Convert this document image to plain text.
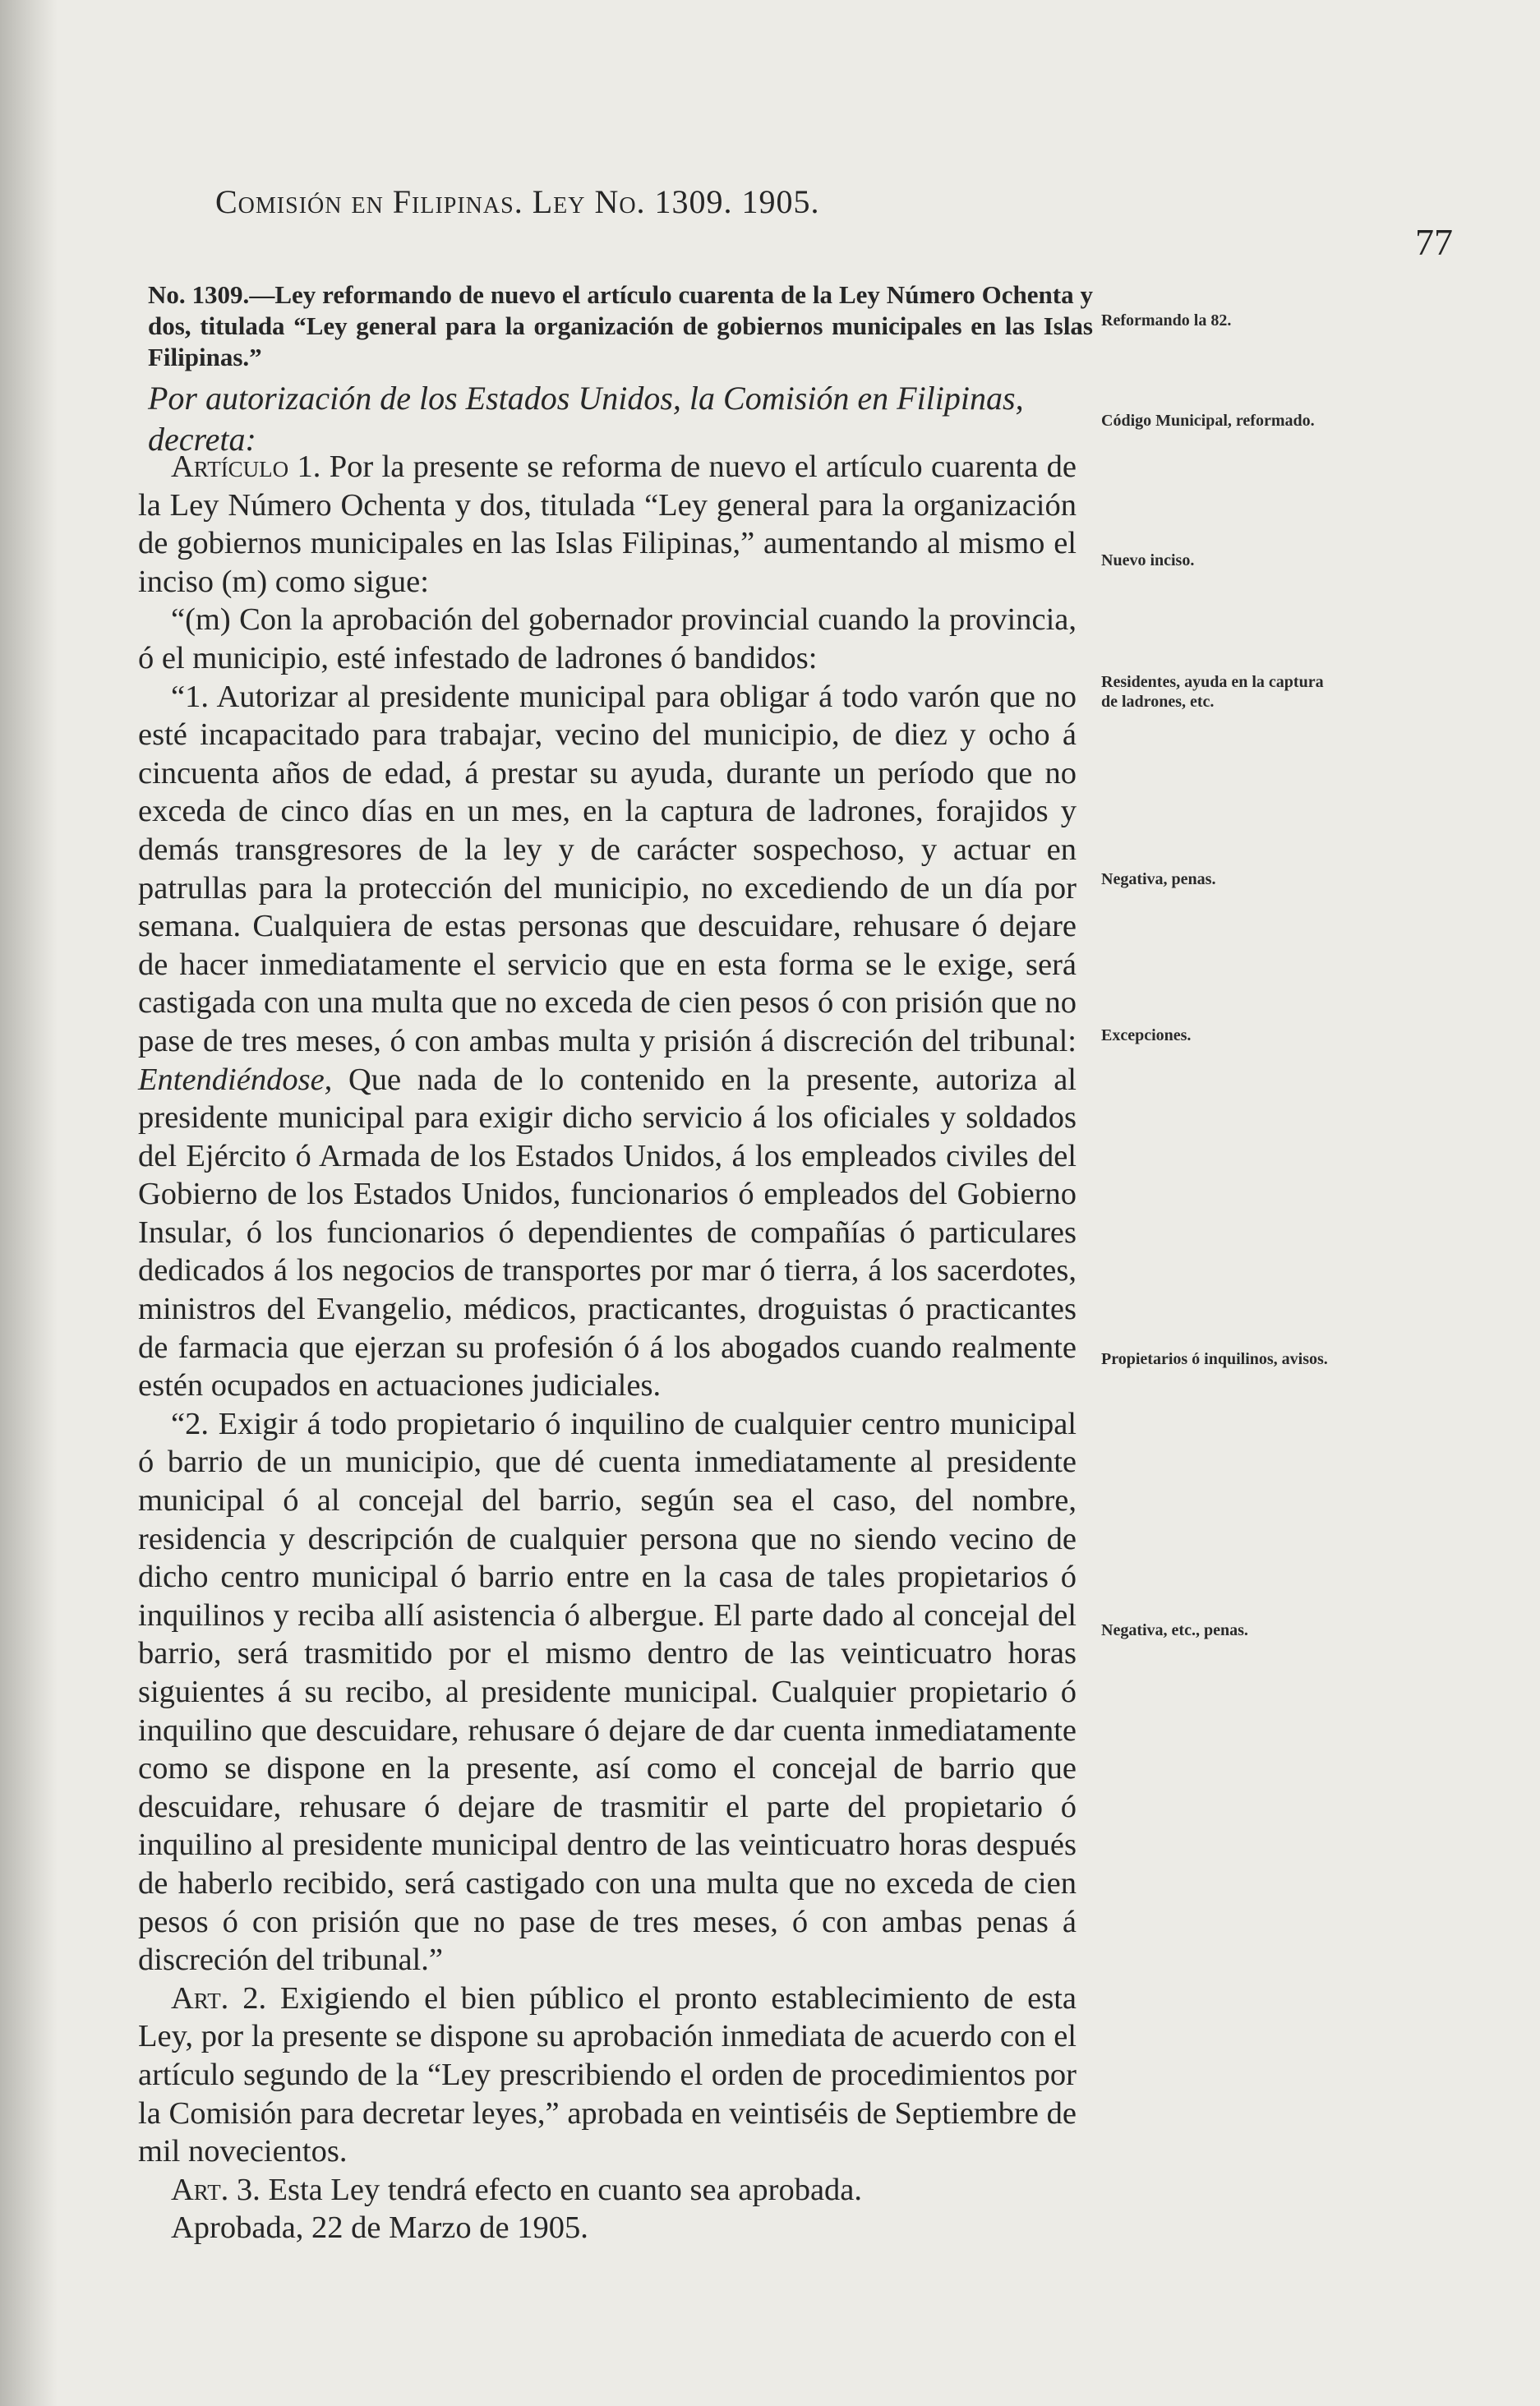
Comisión en Filipinas. Ley No. 1309. 1905.
77
No. 1309.—Ley reformando de nuevo el artículo cuarenta de la Ley Número Ochenta y dos, titulada “Ley general para la organización de gobiernos municipales en las Islas Filipinas.”
Por autorización de los Estados Unidos, la Comisión en Filipinas, decreta:

Artículo 1. Por la presente se reforma de nuevo el artículo cuarenta de la Ley Número Ochenta y dos, titulada “Ley general para la organización de gobiernos municipales en las Islas Filipinas,” aumentando al mismo el inciso (m) como sigue:

“(m) Con la aprobación del gobernador provincial cuando la provincia, ó el municipio, esté infestado de ladrones ó bandidos:

“1. Autorizar al presidente municipal para obligar á todo varón que no esté incapacitado para trabajar, vecino del municipio, de diez y ocho á cincuenta años de edad, á prestar su ayuda, durante un período que no exceda de cinco días en un mes, en la captura de ladrones, forajidos y demás transgresores de la ley y de carácter sospechoso, y actuar en patrullas para la protección del municipio, no excediendo de un día por semana. Cualquiera de estas personas que descuidare, rehusare ó dejare de hacer inmediatamente el servicio que en esta forma se le exige, será castigada con una multa que no exceda de cien pesos ó con prisión que no pase de tres meses, ó con ambas multa y prisión á discreción del tribunal: Entendiéndose, Que nada de lo contenido en la presente, autoriza al presidente municipal para exigir dicho servicio á los oficiales y soldados del Ejército ó Armada de los Estados Unidos, á los empleados civiles del Gobierno de los Estados Unidos, funcionarios ó empleados del Gobierno Insular, ó los funcionarios ó dependientes de compañías ó particulares dedicados á los negocios de transportes por mar ó tierra, á los sacerdotes, ministros del Evangelio, médicos, practicantes, droguistas ó practicantes de farmacia que ejerzan su profesión ó á los abogados cuando realmente estén ocupados en actuaciones judiciales.

“2. Exigir á todo propietario ó inquilino de cualquier centro municipal ó barrio de un municipio, que dé cuenta inmediatamente al presidente municipal ó al concejal del barrio, según sea el caso, del nombre, residencia y descripción de cualquier persona que no siendo vecino de dicho centro municipal ó barrio entre en la casa de tales propietarios ó inquilinos y reciba allí asistencia ó albergue. El parte dado al concejal del barrio, será trasmitido por el mismo dentro de las veinticuatro horas siguientes á su recibo, al presidente municipal. Cualquier propietario ó inquilino que descuidare, rehusare ó dejare de dar cuenta inmediatamente como se dispone en la presente, así como el concejal de barrio que descuidare, rehusare ó dejare de trasmitir el parte del propietario ó inquilino al presidente municipal dentro de las veinticuatro horas después de haberlo recibido, será castigado con una multa que no exceda de cien pesos ó con prisión que no pase de tres meses, ó con ambas penas á discreción del tribunal.”

Art. 2. Exigiendo el bien público el pronto establecimiento de esta Ley, por la presente se dispone su aprobación inmediata de acuerdo con el artículo segundo de la “Ley prescribiendo el orden de procedimientos por la Comisión para decretar leyes,” aprobada en veintiséis de Septiembre de mil novecientos.

Art. 3. Esta Ley tendrá efecto en cuanto sea aprobada.

Aprobada, 22 de Marzo de 1905.

Reformando la 82.
Código Municipal, reformado.
Nuevo inciso.
Residentes, ayuda en la captura de ladrones, etc.
Negativa, penas.
Excepciones.
Propietarios ó inquilinos, avisos.
Negativa, etc., penas.
